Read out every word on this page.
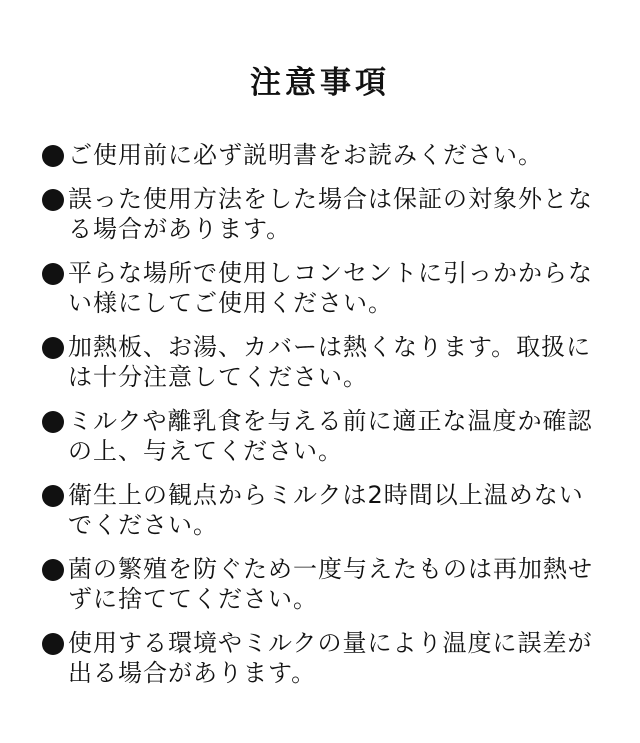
注意事項
ご使用前に必ず説明書をお読みください。
誤った使用方法をした場合は保証の対象外となる場合があります。
平らな場所で使用しコンセントに引っかからない様にしてご使用ください。
加熱板、お湯、カバーは熱くなります。取扱には十分注意してください。
ミルクや離乳食を与える前に適正な温度か確認の上、与えてください。
衛生上の観点からミルクは2時間以上温めないでください。
菌の繁殖を防ぐため一度与えたものは再加熱せずに捨ててください。
使用する環境やミルクの量により温度に誤差が出る場合があります。
